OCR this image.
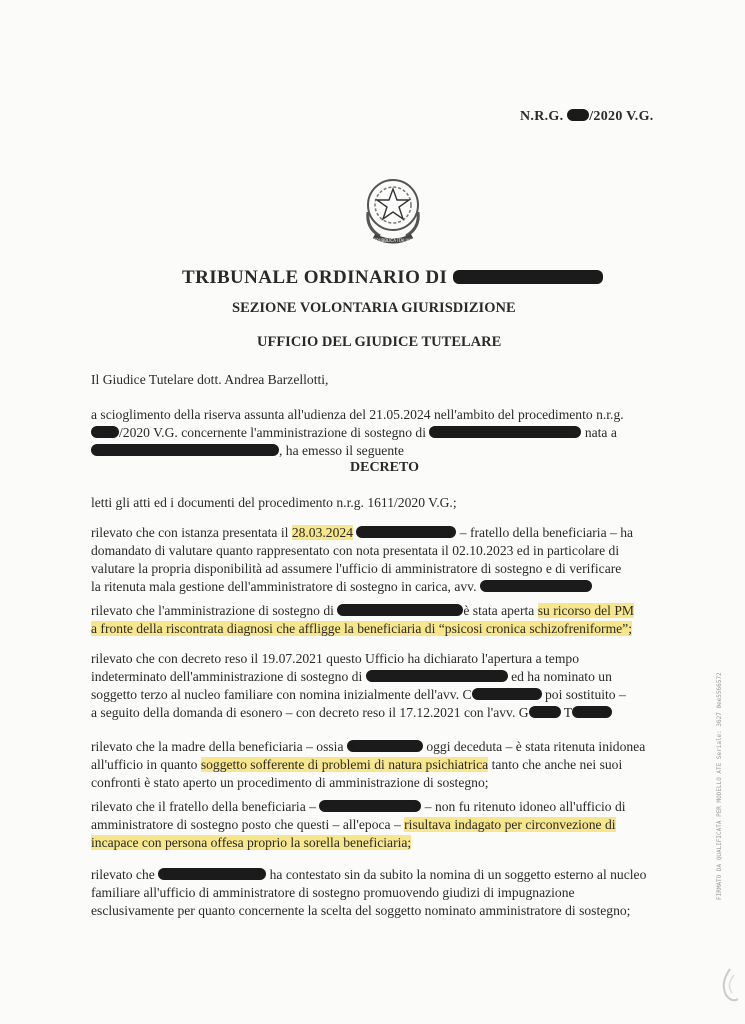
N.R.G. /2020 V.G.
REPUBBLICA ITALIANA
TRIBUNALE ORDINARIO DI
SEZIONE VOLONTARIA GIURISDIZIONE
UFFICIO DEL GIUDICE TUTELARE
Il Giudice Tutelare dott. Andrea Barzellotti,
a scioglimento della riserva assunta all'udienza del 21.05.2024 nell'ambito del procedimento n.r.g.
/2020 V.G. concernente l'amministrazione di sostegno di	nata a
, ha emesso il seguente
DECRETO
letti gli atti ed i documenti del procedimento n.r.g. 1611/2020 V.G.;
rilevato che con istanza presentata il 28.03.2024	– fratello della beneficiaria – ha
domandato di valutare quanto rappresentato con nota presentata il 02.10.2023 ed in particolare di
valutare la propria disponibilità ad assumere l'ufficio di amministratore di sostegno e di verificare
la ritenuta mala gestione dell'amministratore di sostegno in carica, avv.
rilevato che l'amministrazione di sostegno di	è stata aperta su ricorso del PM
a fronte della riscontrata diagnosi che affligge la beneficiaria di “psicosi cronica schizofreniforme”;
rilevato che con decreto reso il 19.07.2021 questo Ufficio ha dichiarato l'apertura a tempo
indeterminato dell'amministrazione di sostegno di	ed ha nominato un
soggetto terzo al nucleo familiare con nomina inizialmente dell'avv. C	poi sostituito –
a seguito della domanda di esonero – con decreto reso il 17.12.2021 con l'avv. G	T
rilevato che la madre della beneficiaria – ossia	oggi deceduta – è stata ritenuta inidonea
all'ufficio in quanto soggetto sofferente di problemi di natura psichiatrica tanto che anche nei suoi
confronti è stato aperto un procedimento di amministrazione di sostegno;
rilevato che il fratello della beneficiaria –	– non fu ritenuto idoneo all'ufficio di
amministratore di sostegno posto che questi – all'epoca – risultava indagato per circonvezione di
incapace con persona offesa proprio la sorella beneficiaria;
rilevato che	ha contestato sin da subito la nomina di un soggetto esterno al nucleo
familiare all'ufficio di amministratore di sostegno promuovendo giudizi di impugnazione
esclusivamente per quanto concernente la scelta del soggetto nominato amministratore di sostegno;
FIRMATO DA QUALIFICATA PER MODELLO ATE Seriale: 3627 0ee5566572
